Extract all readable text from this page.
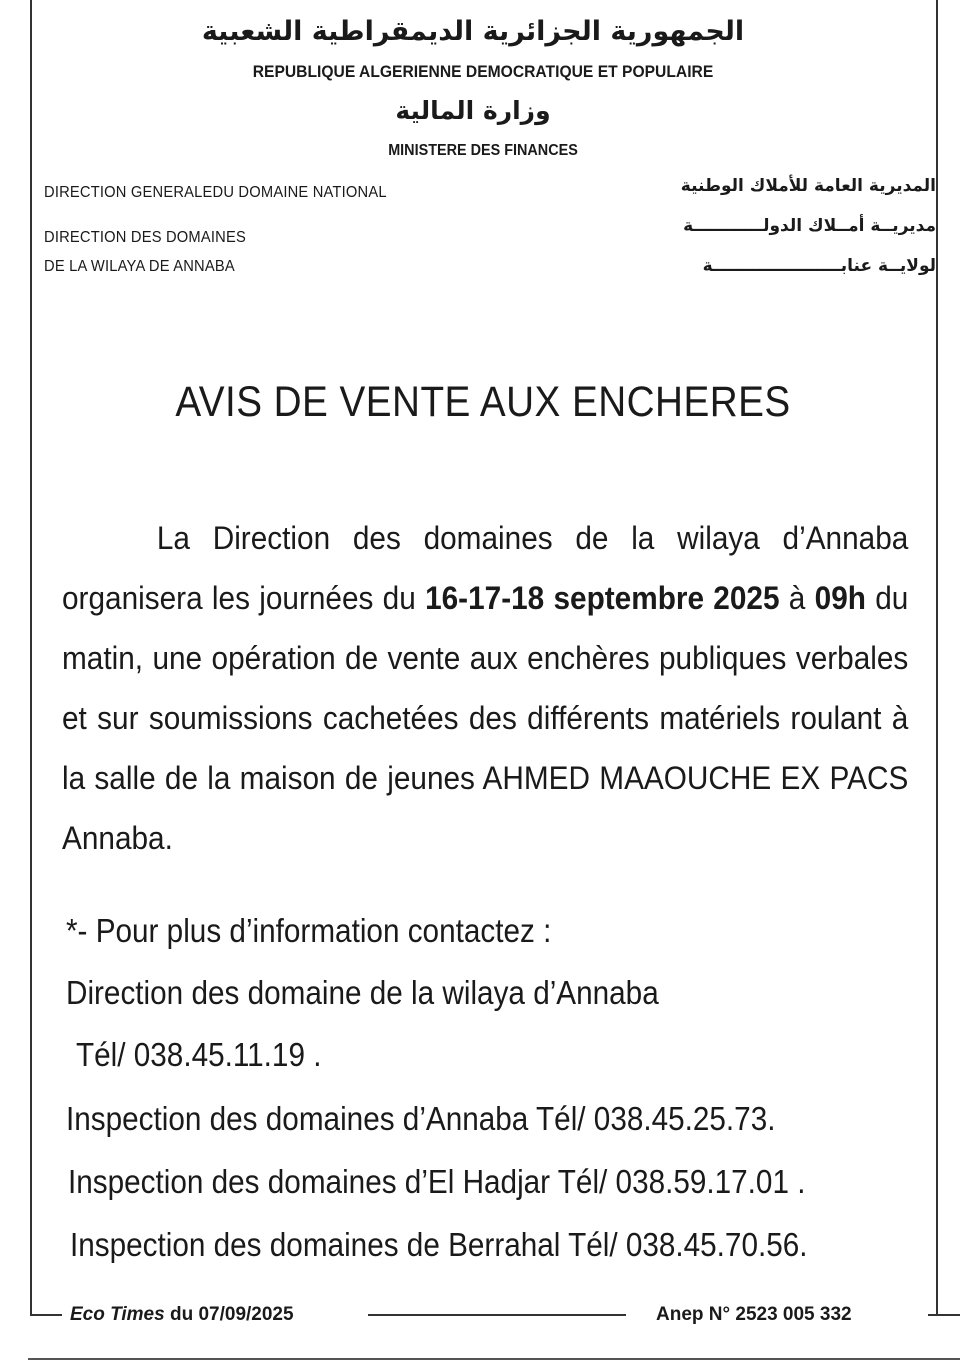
الجمهورية الجزائرية الديمقراطية الشعبية
REPUBLIQUE ALGERIENNE DEMOCRATIQUE ET POPULAIRE
وزارة المالية
MINISTERE DES FINANCES
DIRECTION GENERALEDU DOMAINE NATIONAL
DIRECTION DES DOMAINES
DE LA WILAYA DE ANNABA
المديرية العامة للأملاك الوطنية
مديريــة أمــلاك الدولــــــــــــة
لولايــة عنابــــــــــــــــــــــة
AVIS DE VENTE AUX ENCHERES
La Direction des domaines de la wilaya d’Annaba organisera les journées du 16-17-18 septembre 2025 à 09h du matin, une opération de vente aux enchères publiques verbales et sur soumissions cachetées des différents matériels roulant à la salle de la maison de jeunes AHMED MAAOUCHE EX PACS Annaba.
*- Pour plus d’information contactez :
Direction des domaine de la wilaya d’Annaba
Tél/ 038.45.11.19 .
Inspection des domaines d’Annaba Tél/ 038.45.25.73.
Inspection des domaines d’El Hadjar Tél/ 038.59.17.01 .
Inspection des domaines de Berrahal Tél/ 038.45.70.56.
Eco Times du 07/09/2025	Anep N° 2523 005 332
